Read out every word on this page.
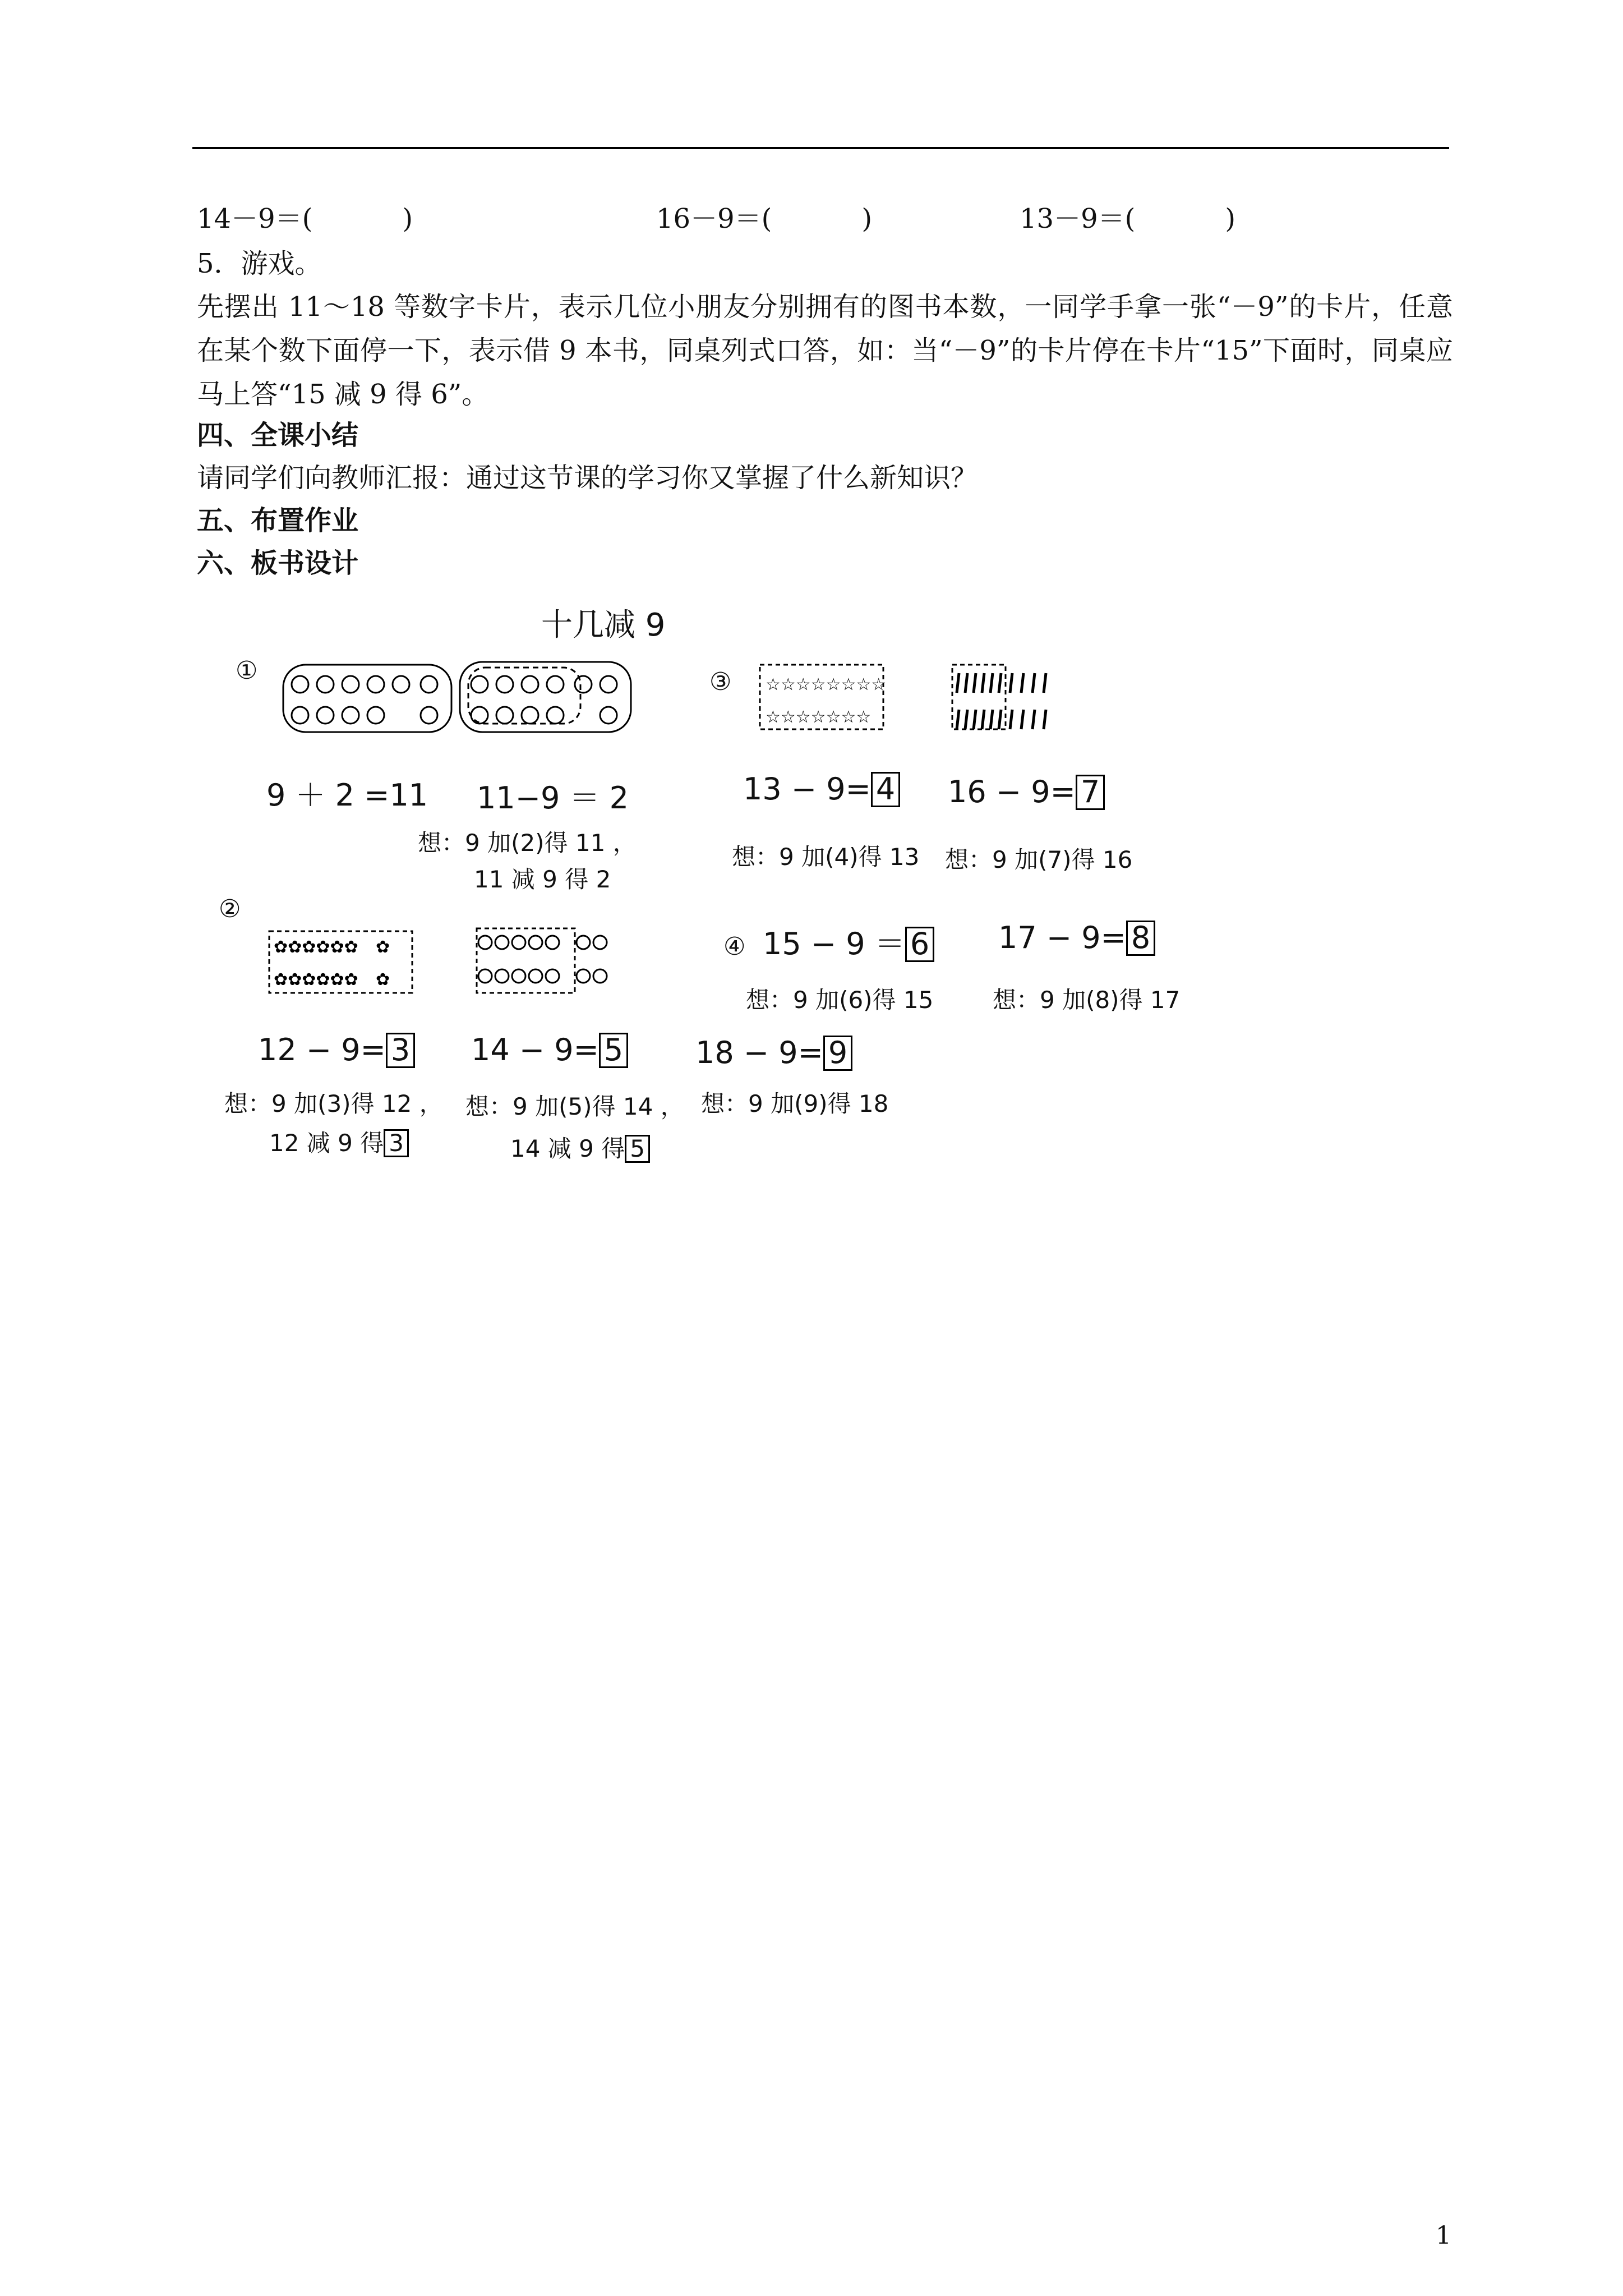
14－9＝(	)	16－9＝(	)	13－9＝(	)
5．游戏。
先摆出 11～18 等数字卡片，表示几位小朋友分别拥有的图书本数，一同学手拿一张“－9”的卡片，任意在某个数下面停一下，表示借 9 本书，同桌列式口答，如：当“－9”的卡片停在卡片“15”下面时，同桌应马上答“15 减 9 得 6”。
四、全课小结
请同学们向教师汇报：通过这节课的学习你又掌握了什么新知识？
五、布置作业
六、板书设计
☆☆☆☆☆☆☆☆
☆☆☆☆☆☆☆
✿✿✿✿✿✿ ✿
✿✿✿✿✿✿ ✿
十几减 9
①	③
②
④
9 ＋ 2 =11 11−9 ＝ 2
想：9 加(2)得 11 ，
11 减 9 得 2
13 − 9= 4 16 − 9= 7
想：9 加(4)得 13 想：9 加(7)得 16
15 − 9 ＝ 6 17 − 9= 8
想：9 加(6)得 15	想：9 加(8)得 17
12 − 9= 3 14 − 9= 5 18 − 9= 9
想：9 加(3)得 12 ，
12 减 9 得 3
想：9 加(5)得 14 ，
14 减 9 得 5
想：9 加(9)得 18
1
